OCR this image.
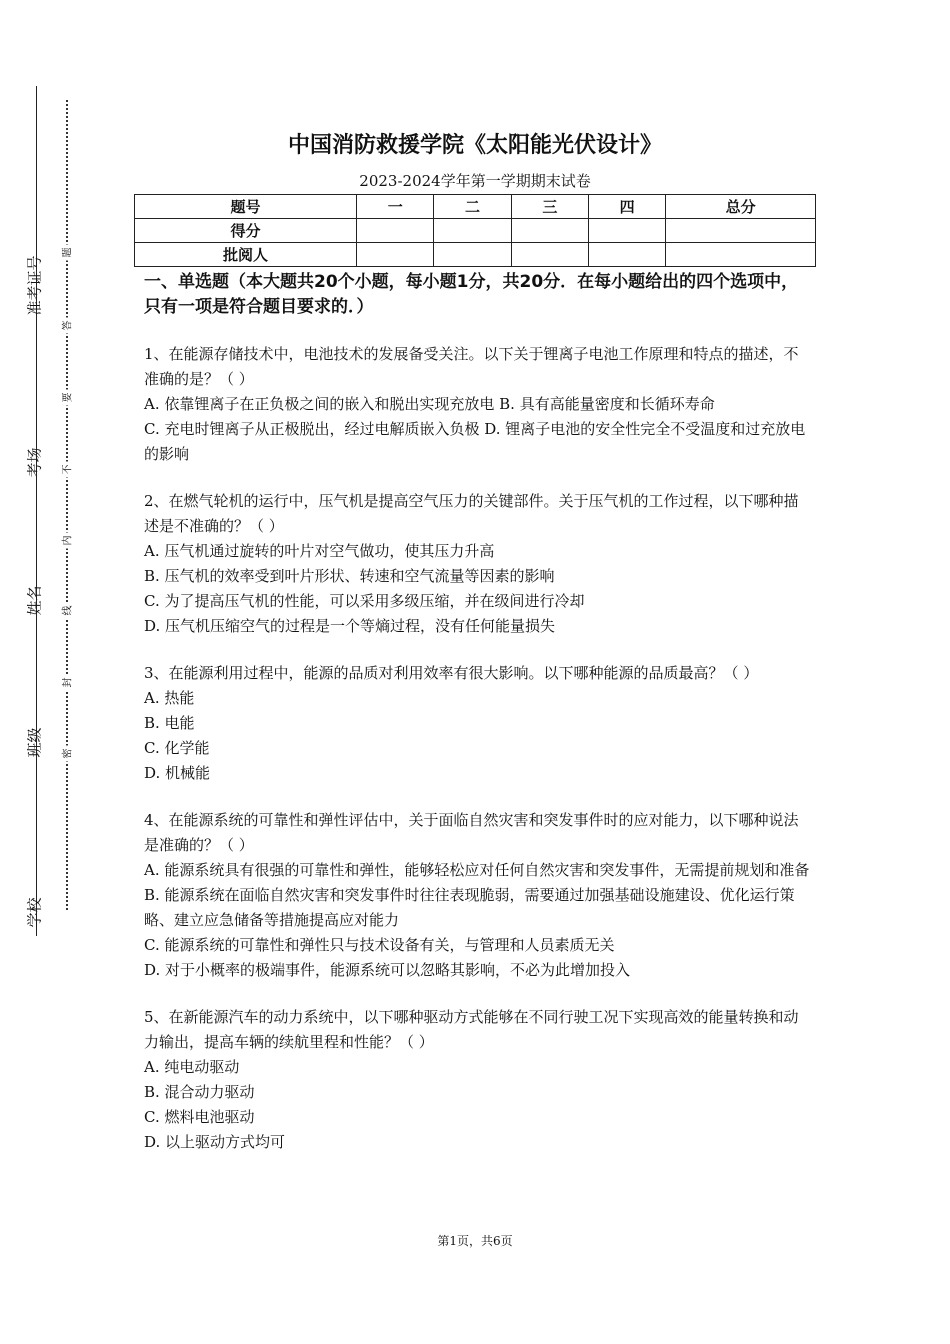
准考证号
考场
姓名
班级
学校
题
答
要
不
内
线
封
密
中国消防救援学院《太阳能光伏设计》
2023-2024学年第一学期期末试卷
题号	一	二	三	四	总分
得分					
批阅人					
一、单选题（本大题共20个小题，每小题1分，共20分．在每小题给出的四个选项中，只有一项是符合题目要求的．）
1、在能源存储技术中，电池技术的发展备受关注。以下关于锂离子电池工作原理和特点的描述，不准确的是？（ ）
A. 依靠锂离子在正负极之间的嵌入和脱出实现充放电 B. 具有高能量密度和长循环寿命
C. 充电时锂离子从正极脱出，经过电解质嵌入负极 D. 锂离子电池的安全性完全不受温度和过充放电的影响
2、在燃气轮机的运行中，压气机是提高空气压力的关键部件。关于压气机的工作过程，以下哪种描述是不准确的？（ ）
A. 压气机通过旋转的叶片对空气做功，使其压力升高
B. 压气机的效率受到叶片形状、转速和空气流量等因素的影响
C. 为了提高压气机的性能，可以采用多级压缩，并在级间进行冷却
D. 压气机压缩空气的过程是一个等熵过程，没有任何能量损失
3、在能源利用过程中，能源的品质对利用效率有很大影响。以下哪种能源的品质最高？（ ）
A. 热能
B. 电能
C. 化学能
D. 机械能
4、在能源系统的可靠性和弹性评估中，关于面临自然灾害和突发事件时的应对能力，以下哪种说法是准确的？（ ）
A. 能源系统具有很强的可靠性和弹性，能够轻松应对任何自然灾害和突发事件，无需提前规划和准备
B. 能源系统在面临自然灾害和突发事件时往往表现脆弱，需要通过加强基础设施建设、优化运行策略、建立应急储备等措施提高应对能力
C. 能源系统的可靠性和弹性只与技术设备有关，与管理和人员素质无关
D. 对于小概率的极端事件，能源系统可以忽略其影响，不必为此增加投入
5、在新能源汽车的动力系统中，以下哪种驱动方式能够在不同行驶工况下实现高效的能量转换和动力输出，提高车辆的续航里程和性能？（ ）
A. 纯电动驱动
B. 混合动力驱动
C. 燃料电池驱动
D. 以上驱动方式均可
第1页，共6页
